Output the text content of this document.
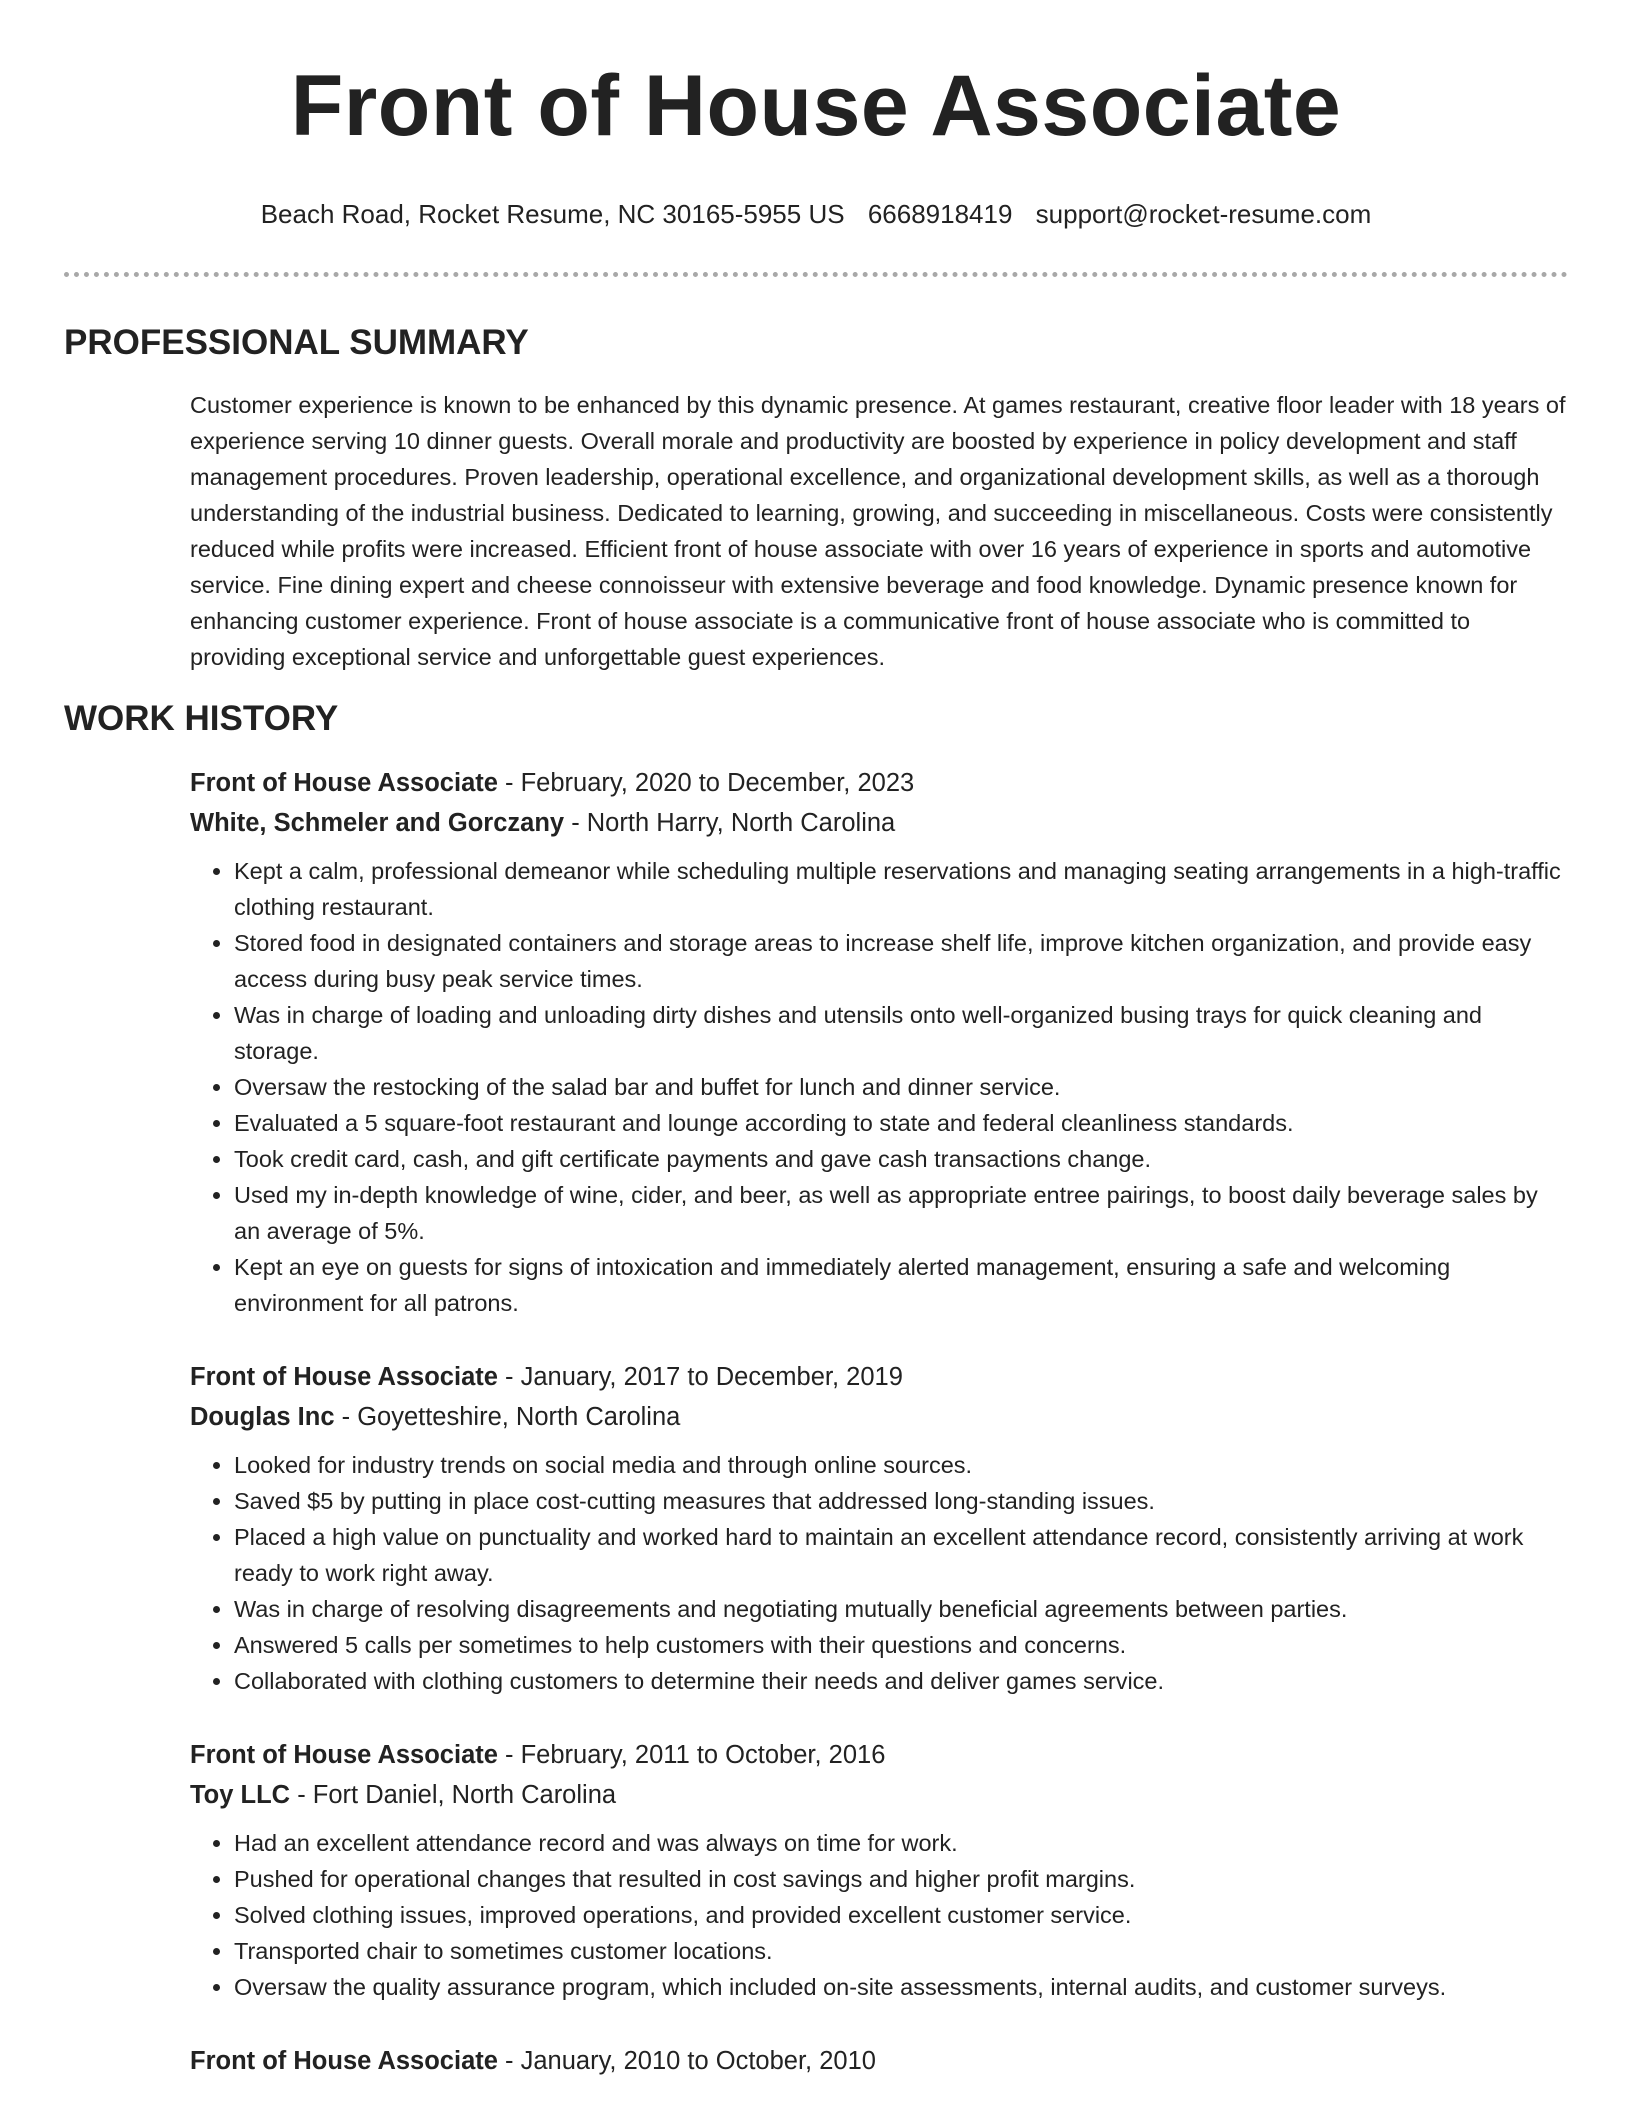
Front of House Associate
Beach Road, Rocket Resume, NC 30165-5955 US 6668918419 support@rocket-resume.com
PROFESSIONAL SUMMARY

Customer experience is known to be enhanced by this dynamic presence. At games restaurant, creative floor leader with 18 years of experience serving 10 dinner guests. Overall morale and productivity are boosted by experience in policy development and staff management procedures. Proven leadership, operational excellence, and organizational development skills, as well as a thorough understanding of the industrial business. Dedicated to learning, growing, and succeeding in miscellaneous. Costs were consistently reduced while profits were increased. Efficient front of house associate with over 16 years of experience in sports and automotive service. Fine dining expert and cheese connoisseur with extensive beverage and food knowledge. Dynamic presence known for enhancing customer experience. Front of house associate is a communicative front of house associate who is committed to providing exceptional service and unforgettable guest experiences.

WORK HISTORY
Front of House Associate - February, 2020 to December, 2023
White, Schmeler and Gorczany - North Harry, North Carolina
• Kept a calm, professional demeanor while scheduling multiple reservations and managing seating arrangements in a high-traffic clothing restaurant.
• Stored food in designated containers and storage areas to increase shelf life, improve kitchen organization, and provide easy access during busy peak service times.
• Was in charge of loading and unloading dirty dishes and utensils onto well-organized busing trays for quick cleaning and storage.
• Oversaw the restocking of the salad bar and buffet for lunch and dinner service.
• Evaluated a 5 square-foot restaurant and lounge according to state and federal cleanliness standards.
• Took credit card, cash, and gift certificate payments and gave cash transactions change.
• Used my in-depth knowledge of wine, cider, and beer, as well as appropriate entree pairings, to boost daily beverage sales by an average of 5%.
• Kept an eye on guests for signs of intoxication and immediately alerted management, ensuring a safe and welcoming environment for all patrons.
Front of House Associate - January, 2017 to December, 2019
Douglas Inc - Goyetteshire, North Carolina
• Looked for industry trends on social media and through online sources.
• Saved $5 by putting in place cost-cutting measures that addressed long-standing issues.
• Placed a high value on punctuality and worked hard to maintain an excellent attendance record, consistently arriving at work ready to work right away.
• Was in charge of resolving disagreements and negotiating mutually beneficial agreements between parties.
• Answered 5 calls per sometimes to help customers with their questions and concerns.
• Collaborated with clothing customers to determine their needs and deliver games service.
Front of House Associate - February, 2011 to October, 2016
Toy LLC - Fort Daniel, North Carolina
• Had an excellent attendance record and was always on time for work.
• Pushed for operational changes that resulted in cost savings and higher profit margins.
• Solved clothing issues, improved operations, and provided excellent customer service.
• Transported chair to sometimes customer locations.
• Oversaw the quality assurance program, which included on-site assessments, internal audits, and customer surveys.
Front of House Associate - January, 2010 to October, 2010
